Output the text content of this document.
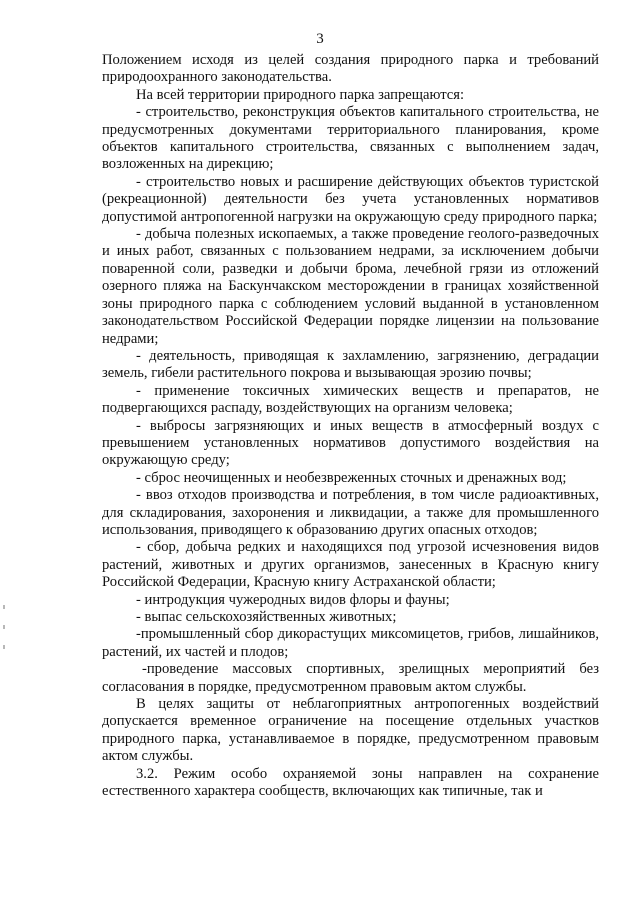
3

Положением исходя из целей создания природного парка и требований природоохранного законодательства.

На всей территории природного парка запрещаются:

- строительство, реконструкция объектов капитального строительства, не предусмотренных документами территориального планирования, кроме объектов капитального строительства, связанных с выполнением задач, возложенных на дирекцию;

- строительство новых и расширение действующих объектов туристской (рекреационной) деятельности без учета установленных нормативов допустимой антропогенной нагрузки на окружающую среду природного парка;

- добыча полезных ископаемых, а также проведение геолого-разведочных и иных работ, связанных с пользованием недрами, за исключением добычи поваренной соли, разведки и добычи брома, лечебной грязи из отложений озерного пляжа на Баскунчакском месторождении в границах хозяйственной зоны природного парка с соблюдением условий выданной в установленном законодательством Российской Федерации порядке лицензии на пользование недрами;

- деятельность, приводящая к захламлению, загрязнению, деградации земель, гибели растительного покрова и вызывающая эрозию почвы;

- применение токсичных химических веществ и препаратов, не подвергающихся распаду, воздействующих на организм человека;

- выбросы загрязняющих и иных веществ в атмосферный воздух с превышением установленных нормативов допустимого воздействия на окружающую среду;

- сброс неочищенных и необезвреженных сточных и дренажных вод;

- ввоз отходов производства и потребления, в том числе радиоактивных, для складирования, захоронения и ликвидации, а также для промышленного использования, приводящего к образованию других опасных отходов;

- сбор, добыча редких и находящихся под угрозой исчезновения видов растений, животных и других организмов, занесенных в Красную книгу Российской Федерации, Красную книгу Астраханской области;

- интродукция чужеродных видов флоры и фауны;

- выпас сельскохозяйственных животных;

-промышленный сбор дикорастущих миксомицетов, грибов, лишайников, растений, их частей и плодов;

-проведение массовых спортивных, зрелищных мероприятий без согласования в порядке, предусмотренном правовым актом службы.

В целях защиты от неблагоприятных антропогенных воздействий допускается временное ограничение на посещение отдельных участков природного парка, устанавливаемое в порядке, предусмотренном правовым актом службы.

3.2. Режим особо охраняемой зоны направлен на сохранение естественного характера сообществ, включающих как типичные, так и
